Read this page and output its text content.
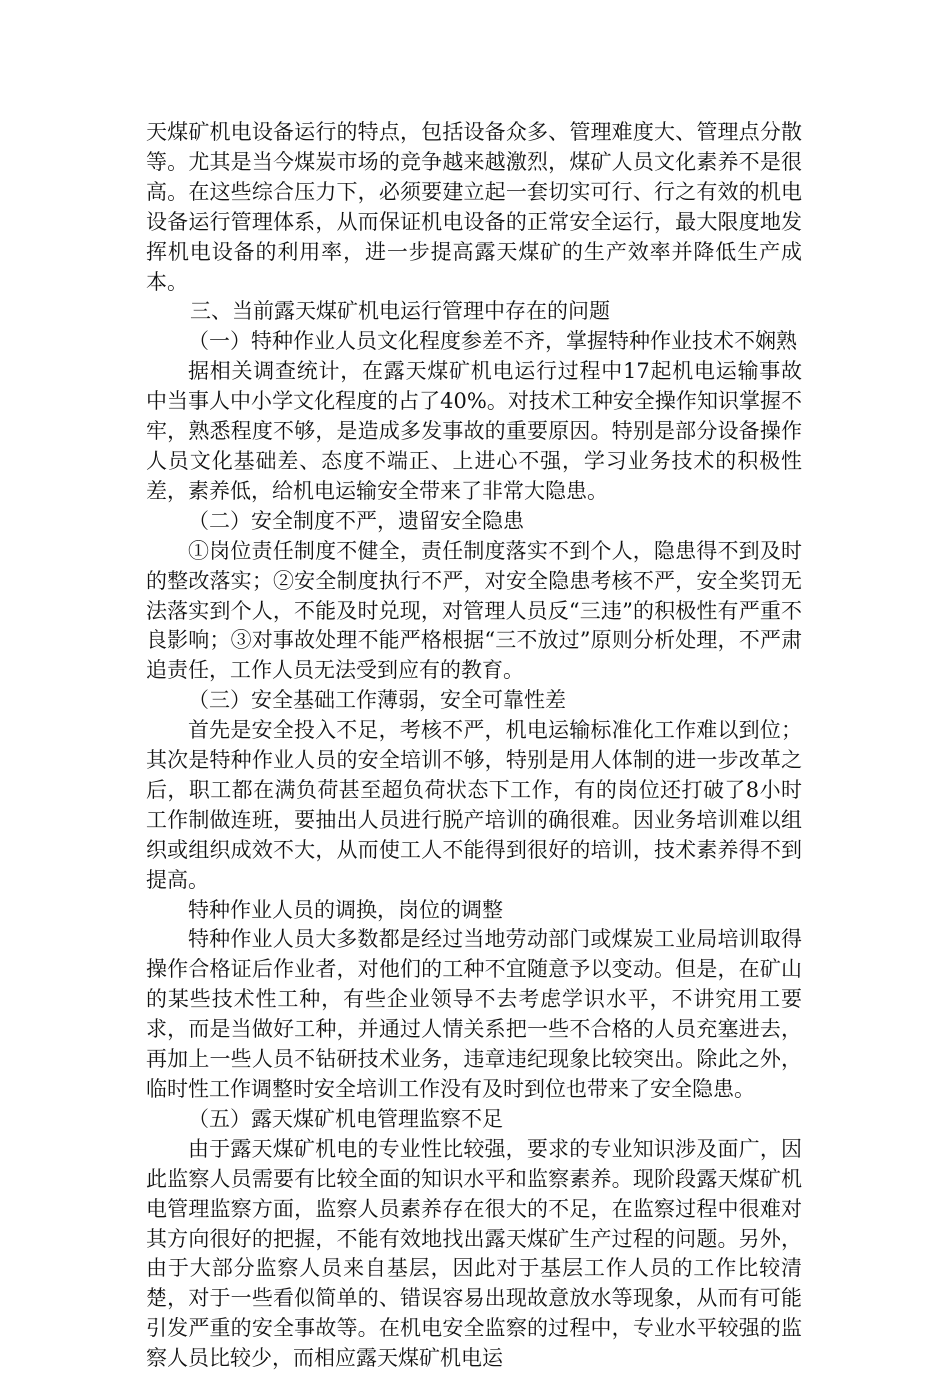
天煤矿机电设备运行的特点，包括设备众多、管理难度大、管理点分散等。尤其是当今煤炭市场的竞争越来越激烈，煤矿人员文化素养不是很高。在这些综合压力下，必须要建立起一套切实可行、行之有效的机电设备运行管理体系，从而保证机电设备的正常安全运行，最大限度地发挥机电设备的利用率，进一步提高露天煤矿的生产效率并降低生产成本。

三、当前露天煤矿机电运行管理中存在的问题

（一）特种作业人员文化程度参差不齐，掌握特种作业技术不娴熟

据相关调查统计，在露天煤矿机电运行过程中17起机电运输事故中当事人中小学文化程度的占了40%。对技术工种安全操作知识掌握不牢，熟悉程度不够，是造成多发事故的重要原因。特别是部分设备操作人员文化基础差、态度不端正、上进心不强，学习业务技术的积极性差，素养低，给机电运输安全带来了非常大隐患。

（二）安全制度不严，遗留安全隐患

①岗位责任制度不健全，责任制度落实不到个人，隐患得不到及时的整改落实；②安全制度执行不严，对安全隐患考核不严，安全奖罚无法落实到个人，不能及时兑现，对管理人员反“三违”的积极性有严重不良影响；③对事故处理不能严格根据“三不放过”原则分析处理，不严肃追责任，工作人员无法受到应有的教育。

（三）安全基础工作薄弱，安全可靠性差

首先是安全投入不足，考核不严，机电运输标准化工作难以到位；其次是特种作业人员的安全培训不够，特别是用人体制的进一步改革之后，职工都在满负荷甚至超负荷状态下工作，有的岗位还打破了8小时工作制做连班，要抽出人员进行脱产培训的确很难。因业务培训难以组织或组织成效不大，从而使工人不能得到很好的培训，技术素养得不到提高。

特种作业人员的调换，岗位的调整

特种作业人员大多数都是经过当地劳动部门或煤炭工业局培训取得操作合格证后作业者，对他们的工种不宜随意予以变动。但是，在矿山的某些技术性工种，有些企业领导不去考虑学识水平，不讲究用工要求，而是当做好工种，并通过人情关系把一些不合格的人员充塞进去，再加上一些人员不钻研技术业务，违章违纪现象比较突出。除此之外，临时性工作调整时安全培训工作没有及时到位也带来了安全隐患。

（五）露天煤矿机电管理监察不足

由于露天煤矿机电的专业性比较强，要求的专业知识涉及面广，因此监察人员需要有比较全面的知识水平和监察素养。现阶段露天煤矿机电管理监察方面，监察人员素养存在很大的不足，在监察过程中很难对其方向很好的把握，不能有效地找出露天煤矿生产过程的问题。另外，由于大部分监察人员来自基层，因此对于基层工作人员的工作比较清楚，对于一些看似简单的、错误容易出现故意放水等现象，从而有可能引发严重的安全事故等。在机电安全监察的过程中，专业水平较强的监察人员比较少，而相应露天煤矿机电运
